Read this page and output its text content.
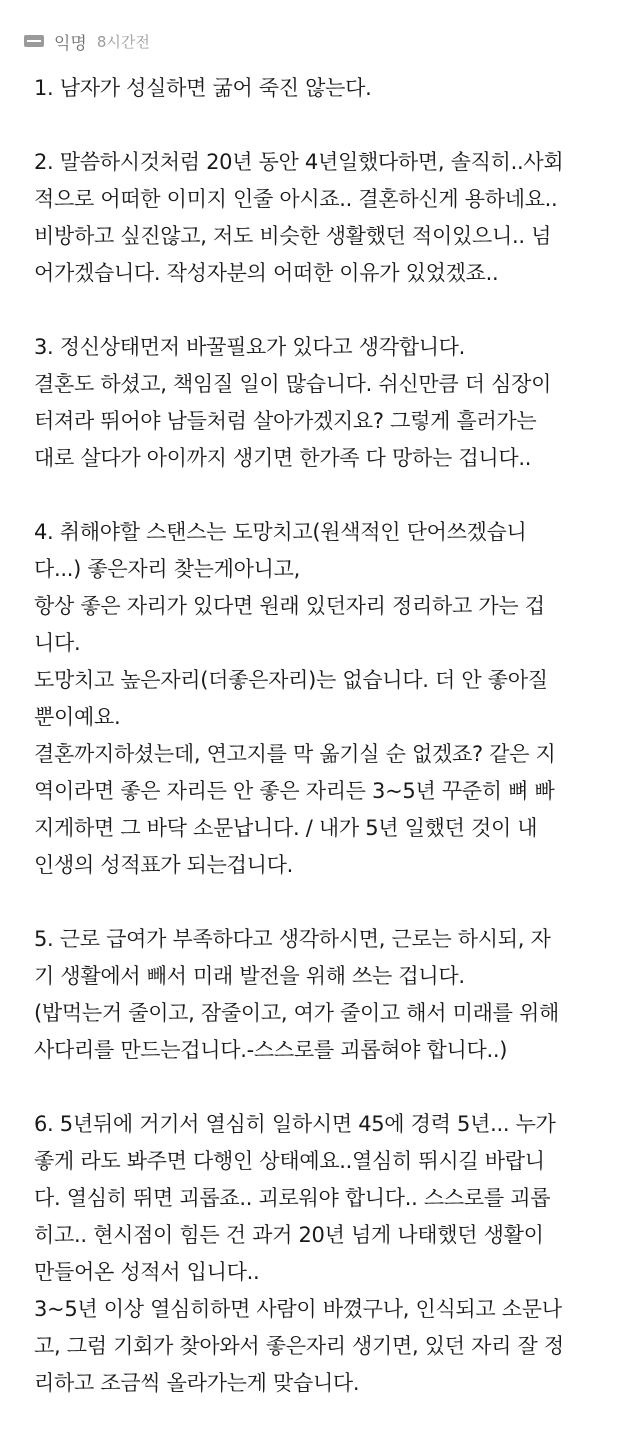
익명 8시간전
1. 남자가 성실하면 굶어 죽진 않는다.
2. 말씀하시것처럼 20년 동안 4년일했다하면, 솔직히..사회
적으로 어떠한 이미지 인줄 아시죠.. 결혼하신게 용하네요..
비방하고 싶진않고, 저도 비슷한 생활했던 적이있으니.. 넘
어가겠습니다. 작성자분의 어떠한 이유가 있었겠죠..
3. 정신상태먼저 바꿀필요가 있다고 생각합니다.
결혼도 하셨고, 책임질 일이 많습니다. 쉬신만큼 더 심장이
터져라 뛰어야 남들처럼 살아가겠지요? 그렇게 흘러가는
대로 살다가 아이까지 생기면 한가족 다 망하는 겁니다..
4. 취해야할 스탠스는 도망치고(원색적인 단어쓰겠습니
다...) 좋은자리 찾는게아니고,
항상 좋은 자리가 있다면 원래 있던자리 정리하고 가는 겁
니다.
도망치고 높은자리(더좋은자리)는 없습니다. 더 안 좋아질
뿐이예요.
결혼까지하셨는데, 연고지를 막 옮기실 순 없겠죠? 같은 지
역이라면 좋은 자리든 안 좋은 자리든 3~5년 꾸준히 뼈 빠
지게하면 그 바닥 소문납니다. / 내가 5년 일했던 것이 내
인생의 성적표가 되는겁니다.
5. 근로 급여가 부족하다고 생각하시면, 근로는 하시되, 자
기 생활에서 빼서 미래 발전을 위해 쓰는 겁니다.
(밥먹는거 줄이고, 잠줄이고, 여가 줄이고 해서 미래를 위해
사다리를 만드는겁니다.-스스로를 괴롭혀야 합니다..)
6. 5년뒤에 거기서 열심히 일하시면 45에 경력 5년... 누가
좋게 라도 봐주면 다행인 상태예요..열심히 뛰시길 바랍니
다. 열심히 뛰면 괴롭죠.. 괴로워야 합니다.. 스스로를 괴롭
히고.. 현시점이 힘든 건 과거 20년 넘게 나태했던 생활이
만들어온 성적서 입니다..
3~5년 이상 열심히하면 사람이 바꼈구나, 인식되고 소문나
고, 그럼 기회가 찾아와서 좋은자리 생기면, 있던 자리 잘 정
리하고 조금씩 올라가는게 맞습니다.
